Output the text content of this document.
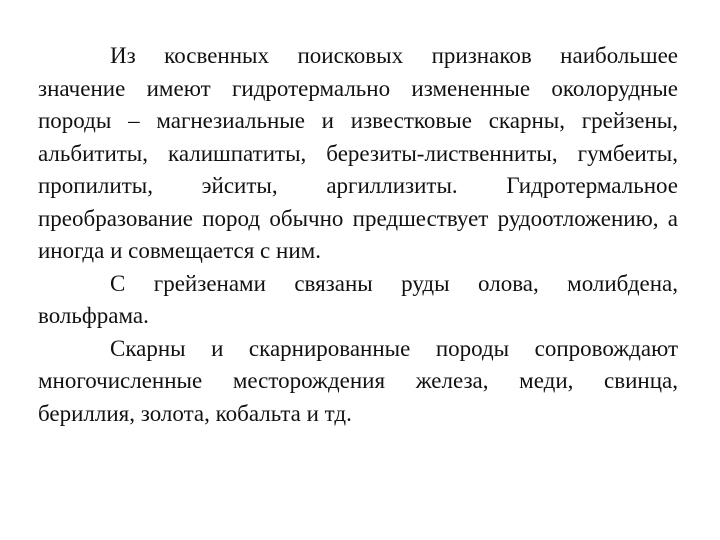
Из косвенных поисковых признаков наибольшее значение имеют гидротермально измененные околорудные породы – магнезиальные и известковые скарны, грейзены, альбититы, калишпатиты, березиты-лиственниты, гумбеиты, пропилиты, эйситы, аргиллизиты. Гидротермальное преобразование пород обычно предшествует рудоотложению, а иногда и совмещается с ним.

С грейзенами связаны руды олова, молибдена, вольфрама.

Скарны и скарнированные породы сопровождают многочисленные месторождения железа, меди, свинца, бериллия, золота, кобальта и тд.
